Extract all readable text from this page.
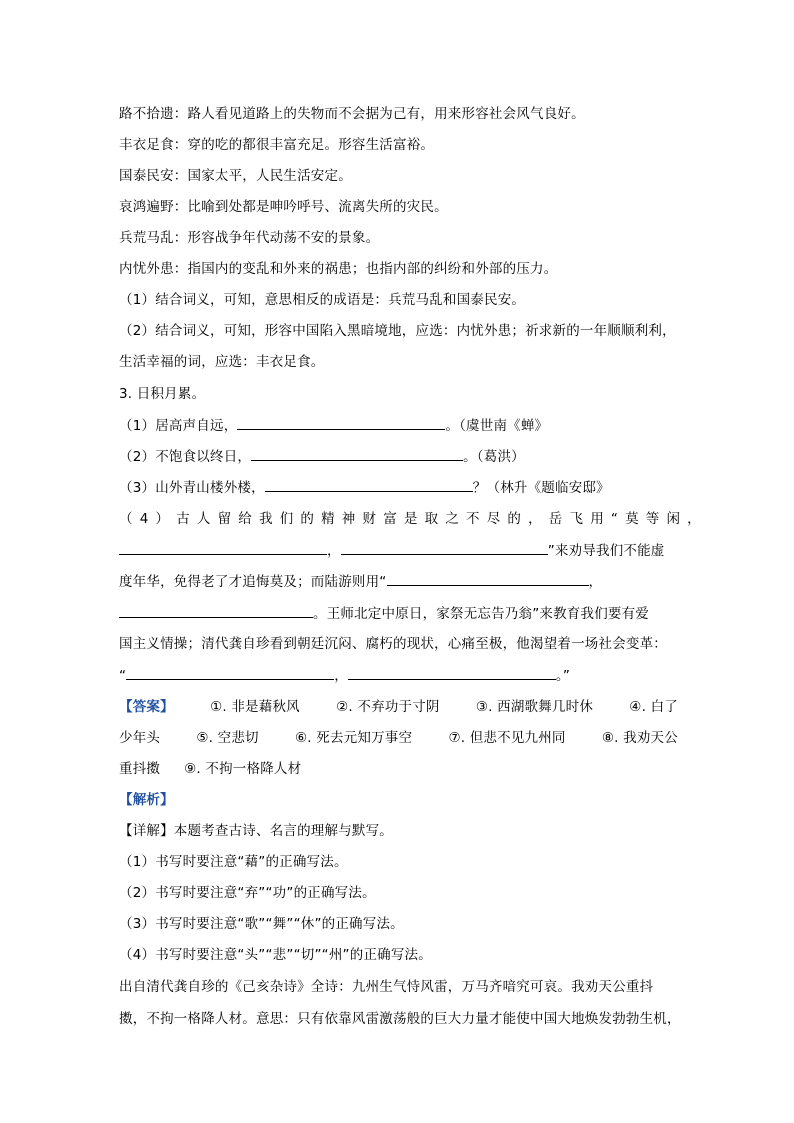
路不拾遗：路人看见道路上的失物而不会据为己有，用来形容社会风气良好。
丰衣足食：穿的吃的都很丰富充足。形容生活富裕。
国泰民安：国家太平，人民生活安定。
哀鸿遍野：比喻到处都是呻吟呼号、流离失所的灾民。
兵荒马乱：形容战争年代动荡不安的景象。
内忧外患：指国内的变乱和外来的祸患；也指内部的纠纷和外部的压力。
（1）结合词义，可知，意思相反的成语是：兵荒马乱和国泰民安。
（2）结合词义，可知，形容中国陷入黑暗境地，应选：内忧外患；祈求新的一年顺顺利利，
生活幸福的词，应选：丰衣足食。
3. 日积月累。
（1）居高声自远，	。（虞世南《蝉》
（2）不饱食以终日，	。（葛洪）
（3）山外青山楼外楼，	？（林升《题临安邸》
（4）古人留给我们的精神财富是取之不尽的，岳飞用“莫等闲，
，	”来劝导我们不能虚
度年华，免得老了才追悔莫及；而陆游则用“	，
。王师北定中原日，家祭无忘告乃翁”来教育我们要有爱
国主义情操；清代龚自珍看到朝廷沉闷、腐朽的现状，心痛至极，他渴望着一场社会变革：
“	，	。”
【答案】	①. 非是藉秋风	②. 不弃功于寸阴	③. 西湖歌舞几时休	④. 白了
少年头	⑤. 空悲切	⑥. 死去元知万事空	⑦. 但悲不见九州同	⑧. 我劝天公
重抖擞 ⑨. 不拘一格降人材
【解析】
【详解】本题考查古诗、名言的理解与默写。
（1）书写时要注意“藉”的正确写法。
（2）书写时要注意“弃”“功”的正确写法。
（3）书写时要注意“歌”“舞”“休”的正确写法。
（4）书写时要注意“头”“悲”“切”“州”的正确写法。
出自清代龚自珍的《己亥杂诗》全诗：九州生气恃风雷，万马齐喑究可哀。我劝天公重抖
擞，不拘一格降人材。意思：只有依靠风雷激荡般的巨大力量才能使中国大地焕发勃勃生机，
